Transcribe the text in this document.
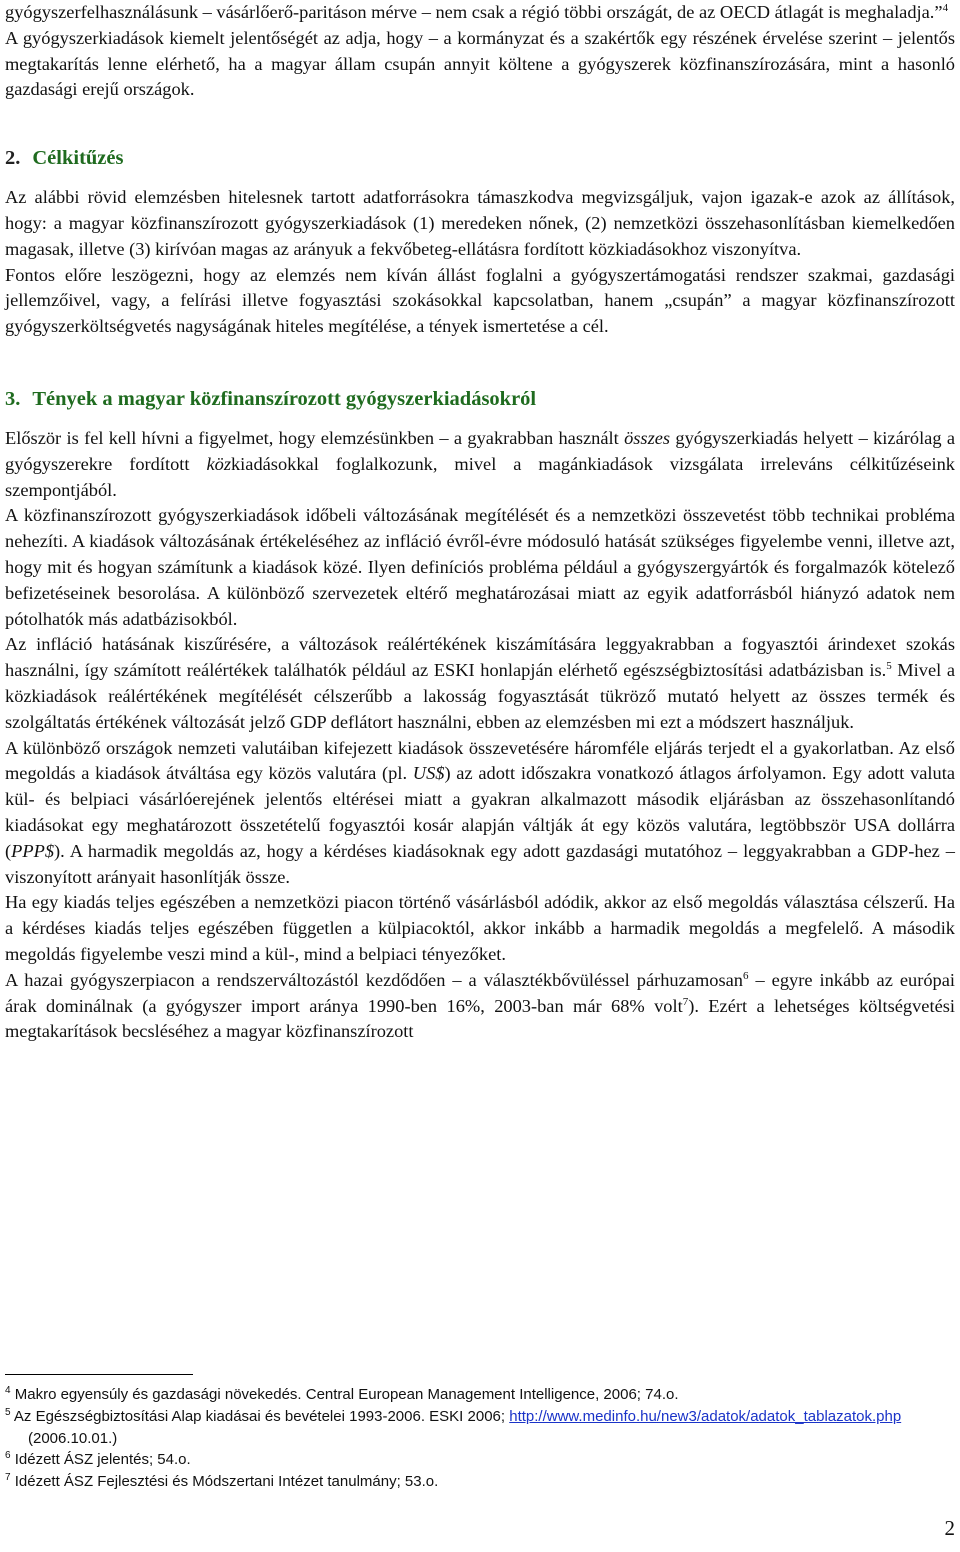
gyógyszerfelhasználásunk – vásárlőerő-paritáson mérve – nem csak a régió többi országát, de az OECD átlagát is meghaladja.”$^4$

A gyógyszerkiadások kiemelt jelentőségét az adja, hogy – a kormányzat és a szakértők egy részének érvelése szerint – jelentős megtakarítás lenne elérhető, ha a magyar állam csupán annyit költene a gyógyszerek közfinanszírozására, mint a hasonló gazdasági erejű országok.

2. Célkitűzés

Az alábbi rövid elemzésben hitelesnek tartott adatforrásokra támaszkodva megvizsgáljuk, vajon igazak-e azok az állítások, hogy: a magyar közfinanszírozott gyógyszerkiadások (1) meredeken nőnek, (2) nemzetközi összehasonlításban kiemelkedően magasak, illetve (3) kirívóan magas az arányuk a fekvőbeteg-ellátásra fordított közkiadásokhoz viszonyítva.

Fontos előre leszögezni, hogy az elemzés nem kíván állást foglalni a gyógyszertámogatási rendszer szakmai, gazdasági jellemzőivel, vagy, a felírási illetve fogyasztási szokásokkal kapcsolatban, hanem „csupán” a magyar közfinanszírozott gyógyszerköltségvetés nagyságának hiteles megítélése, a tények ismertetése a cél.

3. Tények a magyar közfinanszírozott gyógyszerkiadásokról

Először is fel kell hívni a figyelmet, hogy elemzésünkben – a gyakrabban használt összes gyógyszerkiadás helyett – kizárólag a gyógyszerekre fordított közkiadásokkal foglalkozunk, mivel a magánkiadások vizsgálata irreleváns célkitűzéseink szempontjából.

A közfinanszírozott gyógyszerkiadások időbeli változásának megítélését és a nemzetközi összevetést több technikai probléma nehezíti. A kiadások változásának értékeléséhez az infláció évről-évre módosuló hatását szükséges figyelembe venni, illetve azt, hogy mit és hogyan számítunk a kiadások közé. Ilyen definíciós probléma például a gyógyszergyártók és forgalmazók kötelező befizetéseinek besorolása. A különböző szervezetek eltérő meghatározásai miatt az egyik adatforrásból hiányzó adatok nem pótolhatók más adatbázisokból.

Az infláció hatásának kiszűrésére, a változások reálértékének kiszámítására leggyakrabban a fogyasztói árindexet szokás használni, így számított reálértékek találhatók például az ESKI honlapján elérhető egészségbiztosítási adatbázisban is.$^5$ Mivel a közkiadások reálértékének megítélését célszerűbb a lakosság fogyasztását tükröző mutató helyett az összes termék és szolgáltatás értékének változását jelző GDP deflátort használni, ebben az elemzésben mi ezt a módszert használjuk.

A különböző országok nemzeti valutáiban kifejezett kiadások összevetésére háromféle eljárás terjedt el a gyakorlatban. Az első megoldás a kiadások átváltása egy közös valutára (pl. US$) az adott időszakra vonatkozó átlagos árfolyamon. Egy adott valuta kül- és belpiaci vásárlóerejének jelentős eltérései miatt a gyakran alkalmazott második eljárásban az összehasonlítandó kiadásokat egy meghatározott összetételű fogyasztói kosár alapján váltják át egy közös valutára, legtöbbször USA dollárra (PPP$). A harmadik megoldás az, hogy a kérdéses kiadásoknak egy adott gazdasági mutatóhoz – leggyakrabban a GDP-hez – viszonyított arányait hasonlítják össze.

Ha egy kiadás teljes egészében a nemzetközi piacon történő vásárlásból adódik, akkor az első megoldás választása célszerű. Ha a kérdéses kiadás teljes egészében független a külpiacoktól, akkor inkább a harmadik megoldás a megfelelő. A második megoldás figyelembe veszi mind a kül-, mind a belpiaci tényezőket.

A hazai gyógyszerpiacon a rendszerváltozástól kezdődően – a választékbővüléssel párhuzamosan$^6$ – egyre inkább az európai árak dominálnak (a gyógyszer import aránya 1990-ben 16%, 2003-ban már 68% volt$^7$). Ezért a lehetséges költségvetési megtakarítások becsléséhez a magyar közfinanszírozott

$^4$ Makro egyensúly és gazdasági növekedés. Central European Management Intelligence, 2006; 74.o.

$^5$ Az Egészségbiztosítási Alap kiadásai és bevételei 1993-2006. ESKI 2006; http://www.medinfo.hu/new3/adatok/adatok_tablazatok.php

(2006.10.01.)

$^6$ Idézett ÁSZ jelentés; 54.o.

$^7$ Idézett ÁSZ Fejlesztési és Módszertani Intézet tanulmány; 53.o.

2
